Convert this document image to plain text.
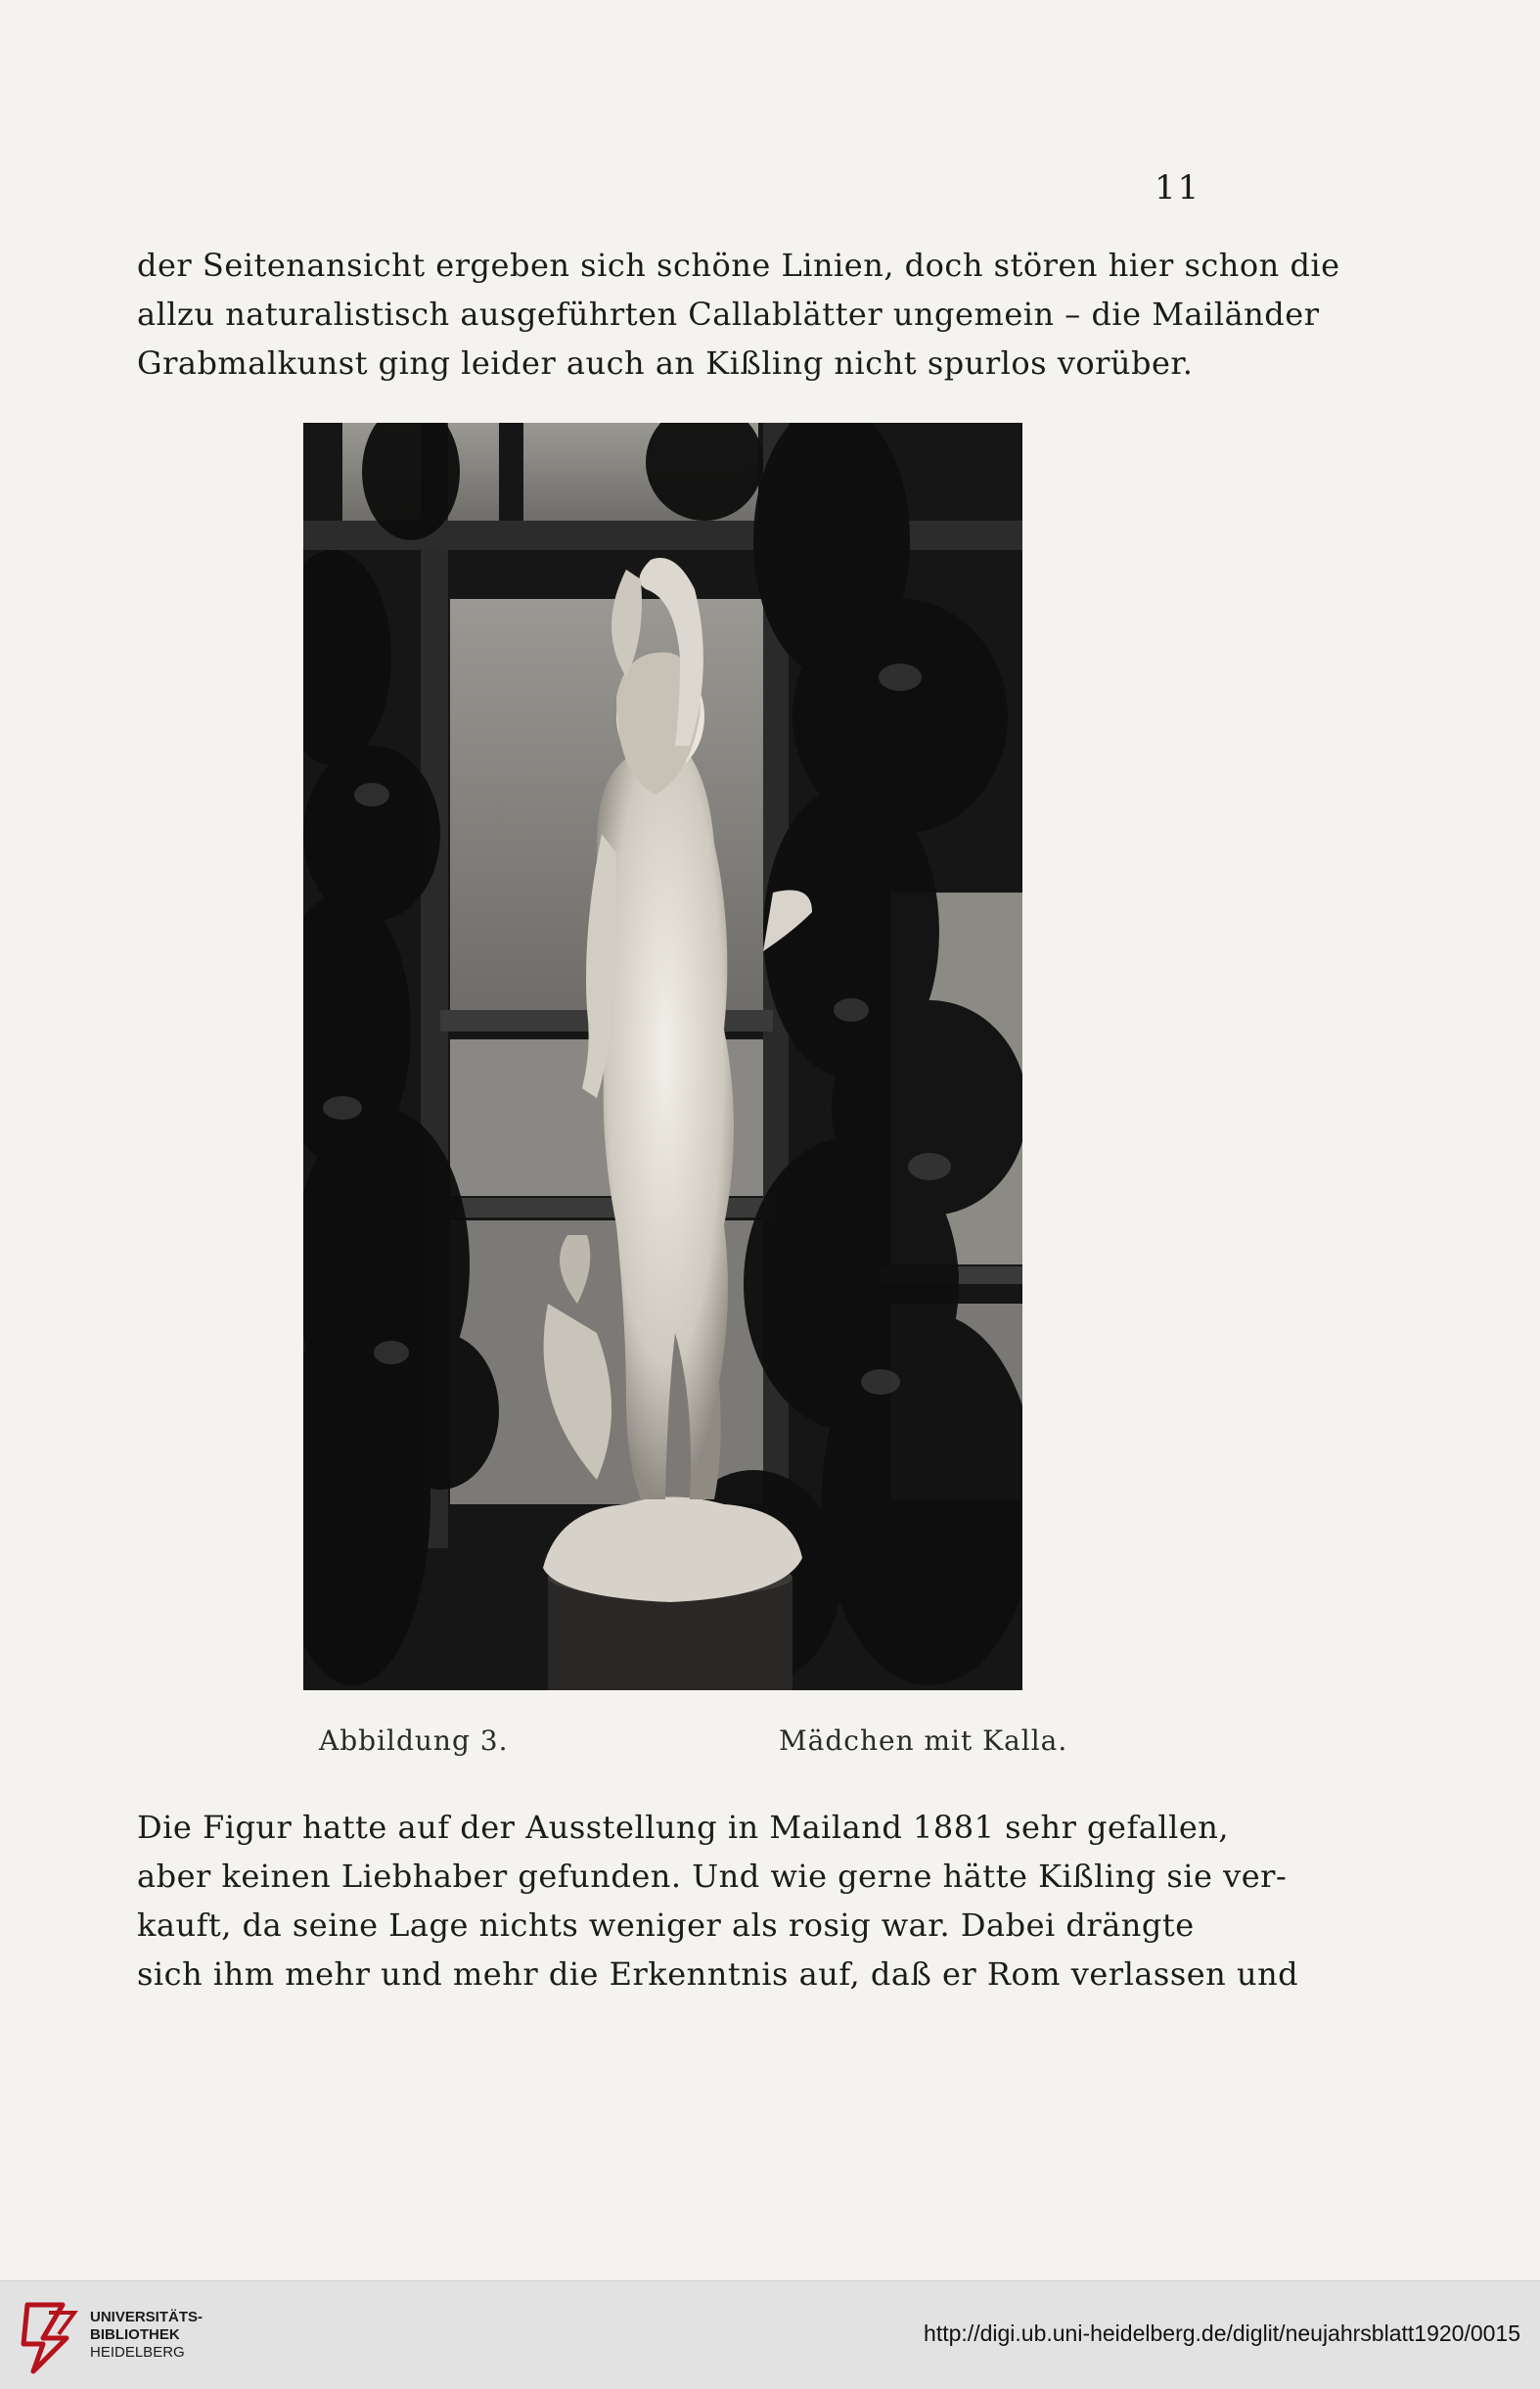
11

der Seitenansicht ergeben sich schöne Linien, doch stören hier schon die
allzu naturalistisch ausgeführten Callablätter ungemein – die Mailänder
Grabmalkunst ging leider auch an Kißling nicht spurlos vorüber.

Abbildung 3.	Mädchen mit Kalla.

Die Figur hatte auf der Ausstellung in Mailand 1881 sehr gefallen,
aber keinen Liebhaber gefunden. Und wie gerne hätte Kißling sie ver-
kauft, da seine Lage nichts weniger als rosig war. Dabei drängte
sich ihm mehr und mehr die Erkenntnis auf, daß er Rom verlassen und

UNIVERSITÄTS-
BIBLIOTHEK
HEIDELBERG
http://digi.ub.uni-heidelberg.de/diglit/neujahrsblatt1920/0015
